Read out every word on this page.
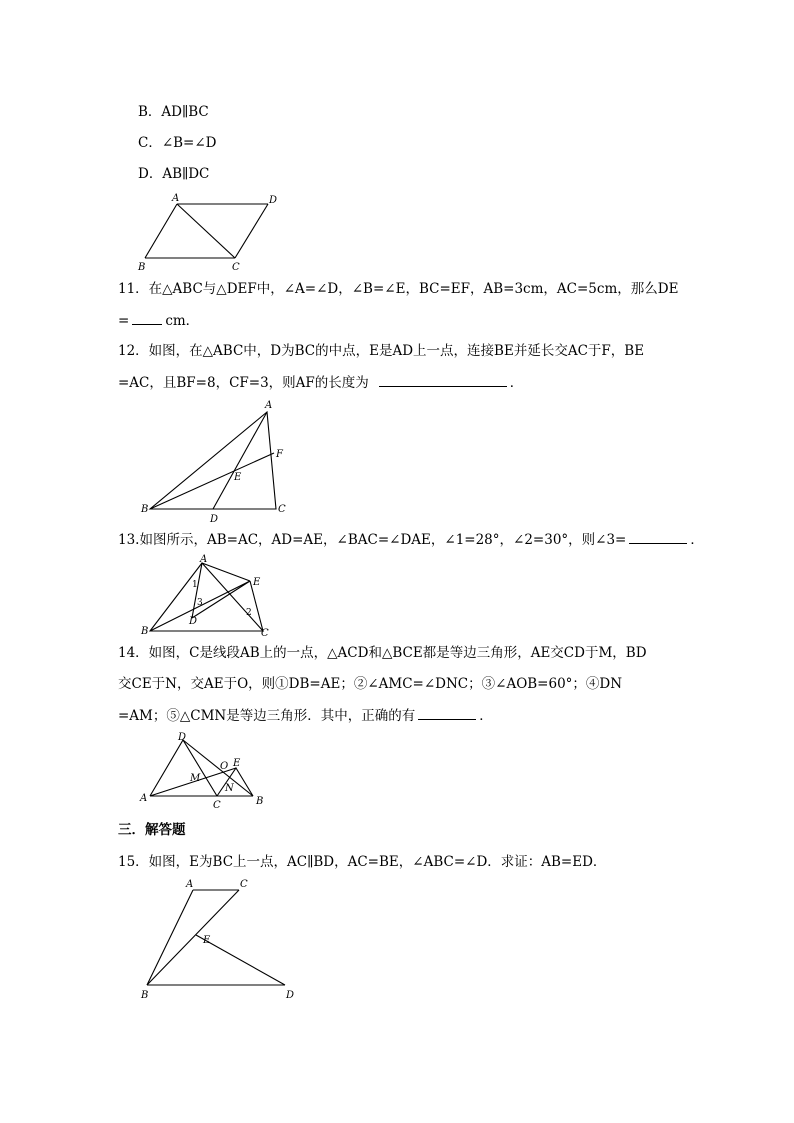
B．AD∥BC
C．∠B=∠D
D．AB∥DC
A	D
B	C
11．在△ABC与△DEF中，∠A=∠D，∠B=∠E，BC=EF，AB=3cm，AC=5cm，那么DE
=	cm．
12．如图，在△ABC中，D为BC的中点，E是AD上一点，连接BE并延长交AC于F，BE
=AC，且BF=8，CF=3，则AF的长度为	．
A
F
E
B	C
D
13.如图所示，AB=AC，AD=AE，∠BAC=∠DAE，∠1=28°，∠2=30°，则∠3=	．
A
E
B	C
D
1
3
2
14．如图，C是线段AB上的一点，△ACD和△BCE都是等边三角形，AE交CD于M，BD
交CE于N，交AE于O，则①DB=AE；②∠AMC=∠DNC；③∠AOB=60°；④DN
=AM；⑤△CMN是等边三角形．其中，正确的有	．
D
E
O
M
N
A	B
C
三．解答题
15．如图，E为BC上一点，AC∥BD，AC=BE，∠ABC=∠D．求证：AB=ED．
A	C
E
B	D
